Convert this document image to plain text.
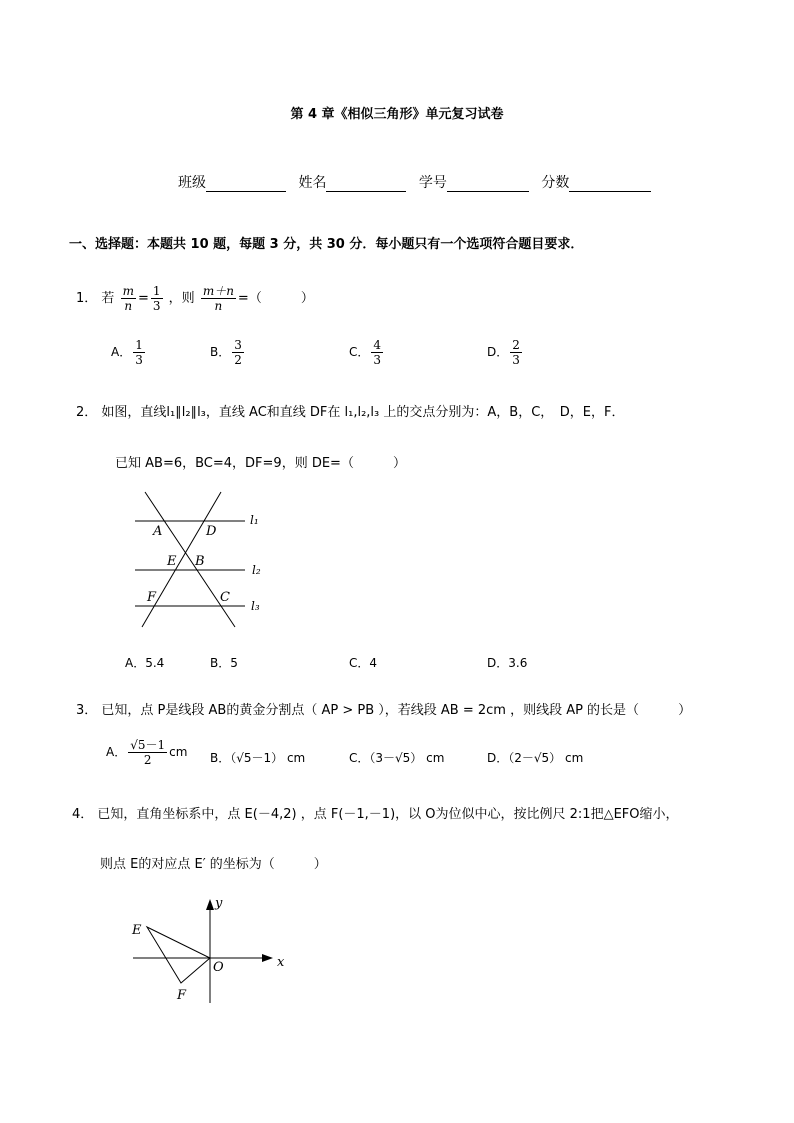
第 4 章《相似三角形》单元复习试卷
班级	姓名	学号	分数
一、选择题：本题共 10 题，每题 3 分，共 30 分．每小题只有一个选项符合题目要求．
1． 若 $\frac{m}{n} = \frac{1}{3}$ ，则 $\frac{m+n}{n}$ =（　　　）
A． $\frac{1}{3}$	B． $\frac{3}{2}$	C． $\frac{4}{3}$	D． $\frac{2}{3}$
2． 如图，直线l₁∥l₂∥l₃，直线 AC和直线 DF在 l₁,l₂,l₃ 上的交点分别为：A，B，C，　D，E，F．
已知 AB=6，BC=4，DF=9，则 DE=（　　　）
A	D
E B
F	C
l₁
l₂
l₃
A．5.4	B．5	C．4	D．3.6
3． 已知，点 P是线段 AB的黄金分割点（ AP > PB ），若线段 AB = 2cm ，则线段 AP 的长是（　　　）
A． $\frac{√5-1}{2}$ cm B．（√5－1） cm	C．（3－√5） cm	D．（2－√5） cm
4． 已知，直角坐标系中，点 E(－4,2) ，点 F(－1,－1)，以 O为位似中心，按比例尺 2:1把△EFO缩小，
则点 E的对应点 E′ 的坐标为（　　　）
E
F
O	x
y
